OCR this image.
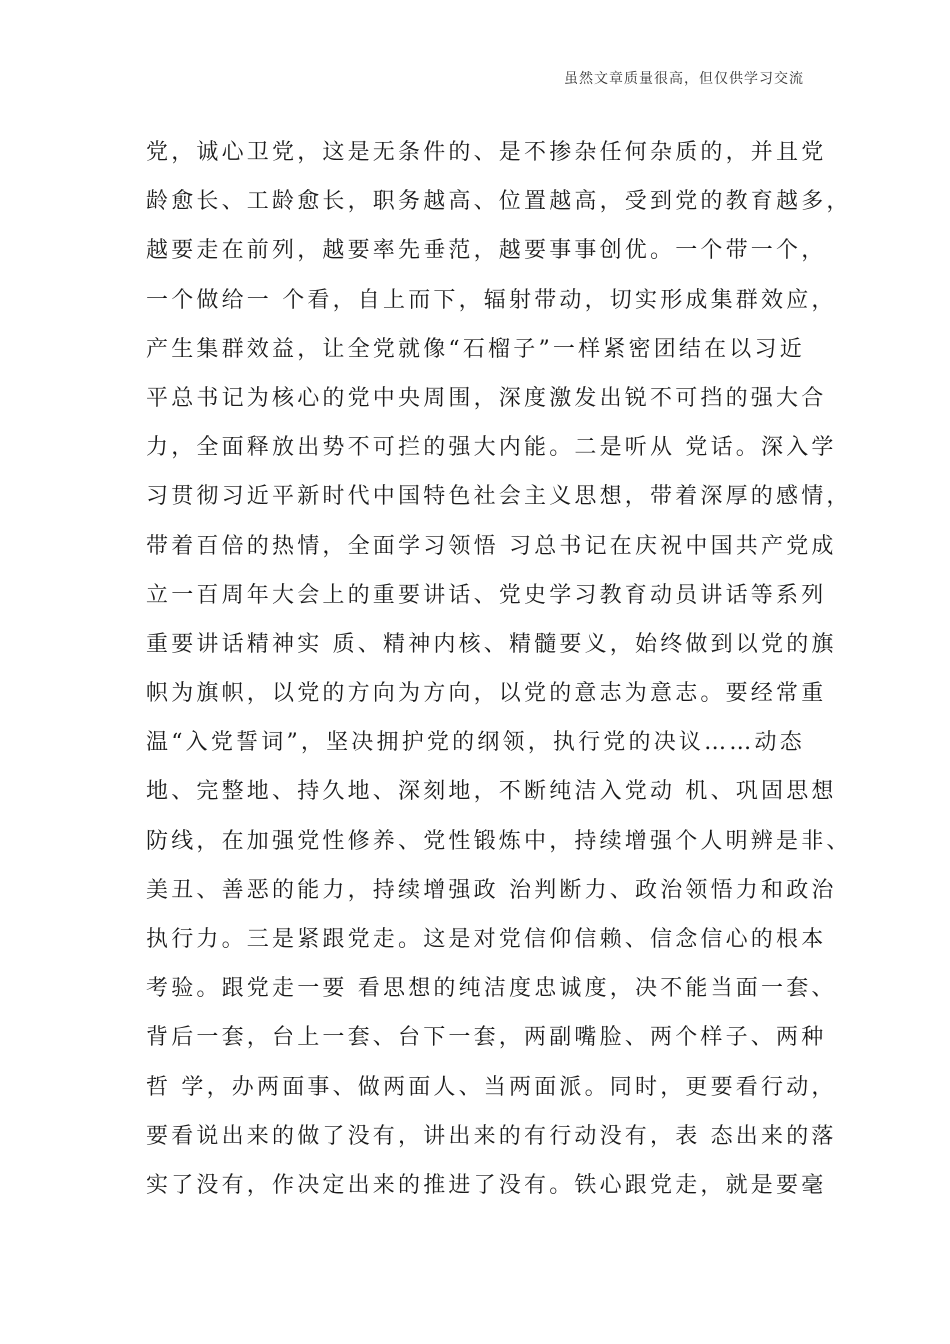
虽然文章质量很高，但仅供学习交流
党，诚心卫党，这是无条件的、是不掺杂任何杂质的，并且党
龄愈长、工龄愈长，职务越高、位置越高，受到党的教育越多，
越要走在前列，越要率先垂范，越要事事创优。一个带一个，
一个做给一 个看，自上而下，辐射带动，切实形成集群效应，
产生集群效益，让全党就像“石榴子”一样紧密团结在以习近
平总书记为核心的党中央周围，深度激发出锐不可挡的强大合
力，全面释放出势不可拦的强大内能。二是听从 党话。深入学
习贯彻习近平新时代中国特色社会主义思想，带着深厚的感情，
带着百倍的热情，全面学习领悟 习总书记在庆祝中国共产党成
立一百周年大会上的重要讲话、党史学习教育动员讲话等系列
重要讲话精神实 质、精神内核、精髓要义，始终做到以党的旗
帜为旗帜，以党的方向为方向，以党的意志为意志。要经常重
温“入党誓词”，坚决拥护党的纲领，执行党的决议……动态
地、完整地、持久地、深刻地，不断纯洁入党动 机、巩固思想
防线，在加强党性修养、党性锻炼中，持续增强个人明辨是非、
美丑、善恶的能力，持续增强政 治判断力、政治领悟力和政治
执行力。三是紧跟党走。这是对党信仰信赖、信念信心的根本
考验。跟党走一要 看思想的纯洁度忠诚度，决不能当面一套、
背后一套，台上一套、台下一套，两副嘴脸、两个样子、两种
哲 学，办两面事、做两面人、当两面派。同时，更要看行动，
要看说出来的做了没有，讲出来的有行动没有，表 态出来的落
实了没有，作决定出来的推进了没有。铁心跟党走，就是要毫
